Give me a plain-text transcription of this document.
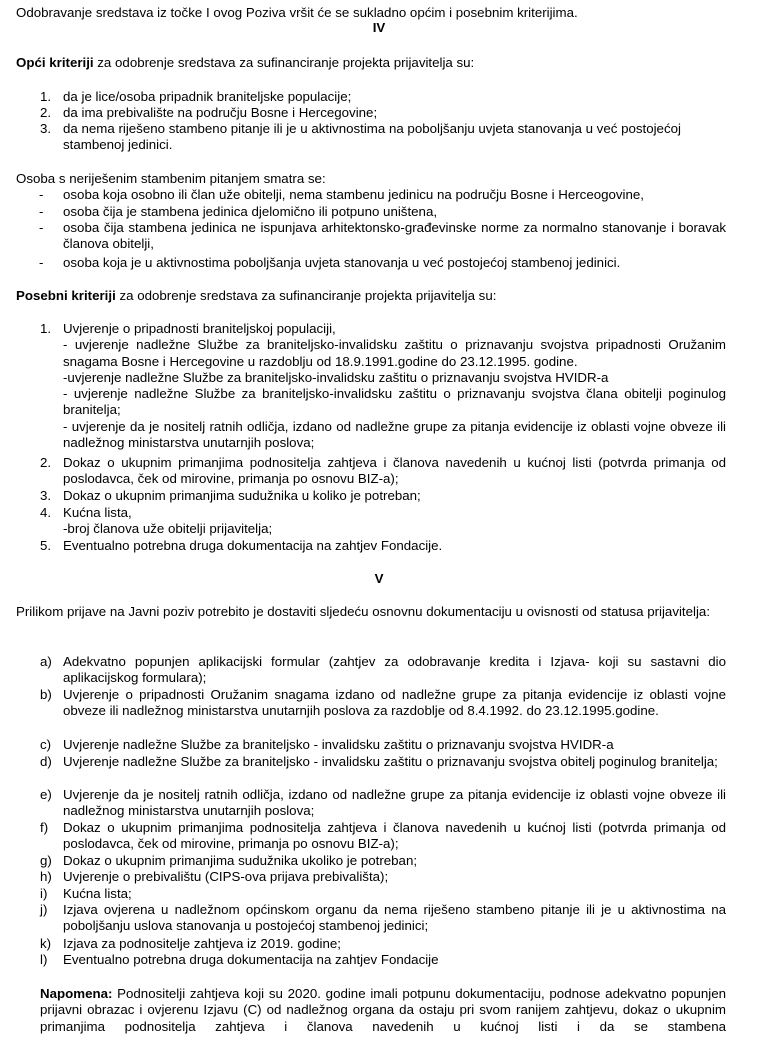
Odobravanje sredstava iz točke I ovog Poziva vršit će se sukladno općim i posebnim kriterijima.
IV
Opći kriteriji za odobrenje sredstava za sufinanciranje projekta prijavitelja su:
1. da je lice/osoba pripadnik braniteljske populacije;
2. da ima prebivalište na području Bosne i Hercegovine;
3. da nema riješeno stambeno pitanje ili je u aktivnostima na poboljšanju uvjeta stanovanja u već postojećoj stambenoj jedinici.
Osoba s neriješenim stambenim pitanjem smatra se:
- osoba koja osobno ili član uže obitelji, nema stambenu jedinicu na području Bosne i Herceogovine,
- osoba čija je stambena jedinica djelomično ili potpuno uništena,
- osoba čija stambena jedinica ne ispunjava arhitektonsko-građevinske norme za normalno stanovanje i boravak članova obitelji,
- osoba koja je u aktivnostima poboljšanja uvjeta stanovanja u već postojećoj stambenoj jedinici.
Posebni kriteriji za odobrenje sredstava za sufinanciranje projekta prijavitelja su:
1. Uvjerenje o pripadnosti braniteljskoj populaciji,
- uvjerenje nadležne Službe za braniteljsko-invalidsku zaštitu o priznavanju svojstva pripadnosti Oružanim snagama Bosne i Hercegovine u razdoblju od 18.9.1991.godine do 23.12.1995. godine.
-uvjerenje nadležne Službe za braniteljsko-invalidsku zaštitu o priznavanju svojstva HVIDR-a
- uvjerenje nadležne Službe za braniteljsko-invalidsku zaštitu o priznavanju svojstva člana obitelji poginulog branitelja;
- uvjerenje da je nositelj ratnih odličja, izdano od nadležne grupe za pitanja evidencije iz oblasti vojne obveze ili nadležnog ministarstva unutarnjih poslova;
2. Dokaz o ukupnim primanjima podnositelja zahtjeva i članova navedenih u kućnoj listi (potvrda primanja od poslodavca, ček od mirovine, primanja po osnovu BIZ-a);
3. Dokaz o ukupnim primanjima sudužnika u koliko je potreban;
4. Kućna lista,
-broj članova uže obitelji prijavitelja;
5. Eventualno potrebna druga dokumentacija na zahtjev Fondacije.
V
Prilikom prijave na Javni poziv potrebito je dostaviti sljedeću osnovnu dokumentaciju u ovisnosti od statusa prijavitelja:
a) Adekvatno popunjen aplikacijski formular (zahtjev za odobravanje kredita i Izjava- koji su sastavni dio aplikacijskog formulara);
b) Uvjerenje o pripadnosti Oružanim snagama izdano od nadležne grupe za pitanja evidencije iz oblasti vojne obveze ili nadležnog ministarstva unutarnjih poslova za razdoblje od 8.4.1992. do 23.12.1995.godine.
c) Uvjerenje nadležne Službe za braniteljsko - invalidsku zaštitu o priznavanju svojstva HVIDR-a
d) Uvjerenje nadležne Službe za braniteljsko - invalidsku zaštitu o priznavanju svojstva obitelj poginulog branitelja;
e) Uvjerenje da je nositelj ratnih odličja, izdano od nadležne grupe za pitanja evidencije iz oblasti vojne obveze ili nadležnog ministarstva unutarnjih poslova;
f) Dokaz o ukupnim primanjima podnositelja zahtjeva i članova navedenih u kućnoj listi (potvrda primanja od poslodavca, ček od mirovine, primanja po osnovu BIZ-a);
g) Dokaz o ukupnim primanjima sudužnika ukoliko je potreban;
h) Uvjerenje o prebivalištu (CIPS-ova prijava prebivališta);
i) Kućna lista;
j) Izjava ovjerena u nadležnom općinskom organu da nema riješeno stambeno pitanje ili je u aktivnostima na poboljšanju uslova stanovanja u postojećoj stambenoj jedinici;
k) Izjava za podnositelje zahtjeva iz 2019. godine;
l) Eventualno potrebna druga dokumentacija na zahtjev Fondacije
Napomena: Podnositelji zahtjeva koji su 2020. godine imali potpunu dokumentaciju, podnose adekvatno popunjen prijavni obrazac i ovjerenu Izjavu (C) od nadležnog organa da ostaju pri svom ranijem zahtjevu, dokaz o ukupnim primanjima podnositelja zahtjeva i članova navedenih u kućnoj listi i da se stambena
